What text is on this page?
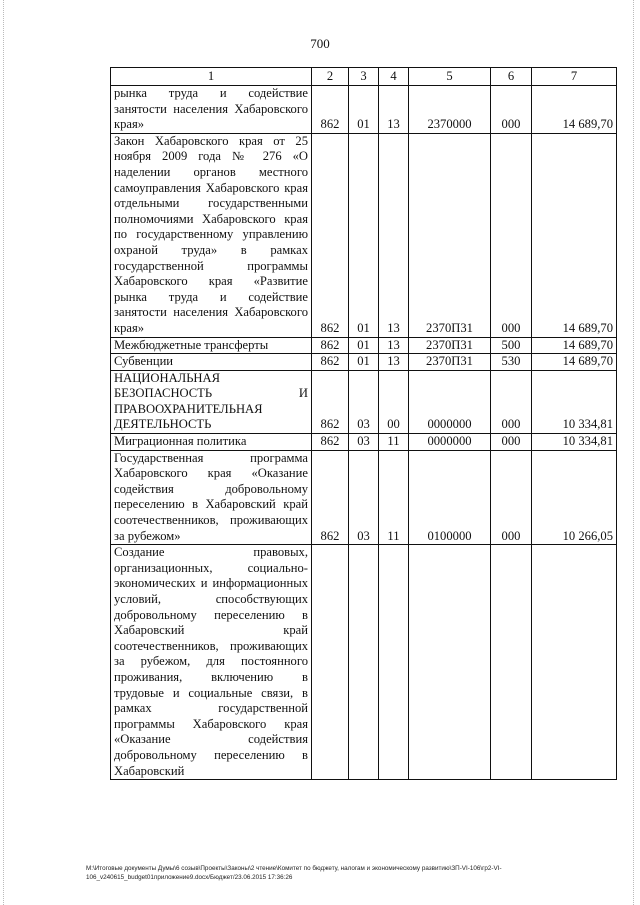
700
1	2	3	4	5	6	7
рынка труда и содействие занятости населения Хабаровского края»	862	01	13	2370000	000	14 689,70
Закон Хабаровского края от 25 ноября 2009 года № 276 «О наделении органов местного самоуправления Хабаровского края отдельными государственными полномочиями Хабаровского края по государственному управлению охраной труда» в рамках государственной программы Хабаровского края «Развитие рынка труда и содействие занятости населения Хабаровского края»	862	01	13	2370П31	000	14 689,70
Межбюджетные трансферты	862	01	13	2370П31	500	14 689,70
Субвенции	862	01	13	2370П31	530	14 689,70
НАЦИОНАЛЬНАЯ БЕЗОПАСНОСТЬ И ПРАВООХРАНИТЕЛЬНАЯ ДЕЯТЕЛЬНОСТЬ	862	03	00	0000000	000	10 334,81
Миграционная политика	862	03	11	0000000	000	10 334,81
Государственная программа Хабаровского края «Оказание содействия добровольному переселению в Хабаровский край соотечественников, проживающих за рубежом»	862	03	11	0100000	000	10 266,05
Создание правовых, организационных, социально-экономических и информационных условий, способствующих добровольному переселению в Хабаровский край соотечественников, проживающих за рубежом, для постоянного проживания, включению в трудовые и социальные связи, в рамках государственной программы Хабаровского края «Оказание содействия добровольному переселению в Хабаровский						
M:\Итоговые документы Думы\6 созыв\Проекты\Законы\2 чтение\Комитет по бюджету, налогам и экономическому развитию\ЗП-VI-106\гр2-VI-106_v240615_budget01приложение9.docx/Бюджет/23.06.2015 17:36:26
